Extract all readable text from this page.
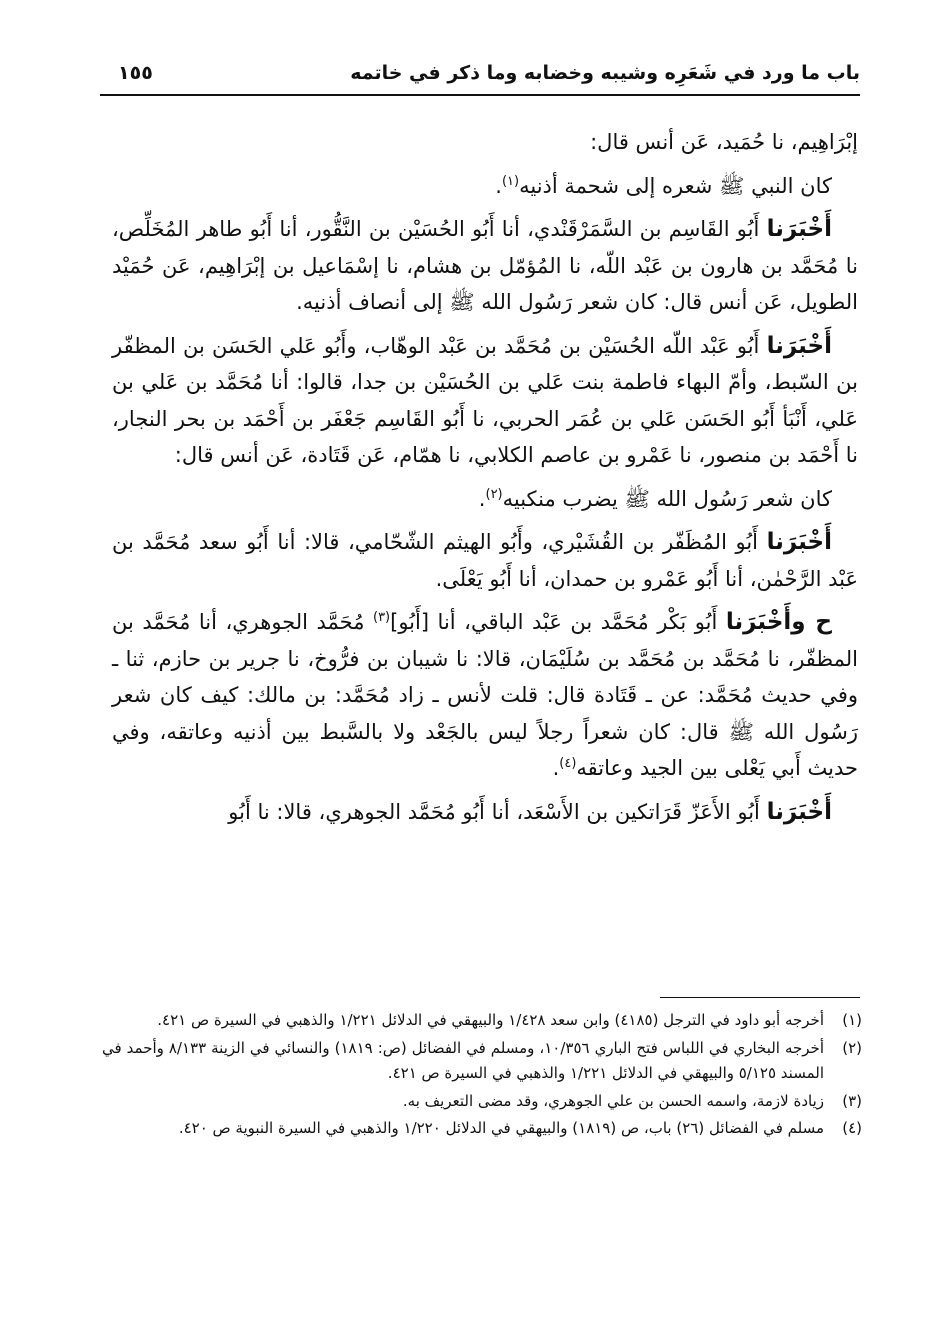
باب ما ورد في شَعَرِه وشيبه وخضابه وما ذكر في خاتمه
١٥٥

إبْرَاهِيم، نا حُمَيد، عَن أنس قال:

كان النبي ﷺ شعره إلى شحمة أذنيه$^{(١)}$.

أَخْبَرَنا أَبُو القَاسِم بن السَّمَرْقَنْدي، أنا أَبُو الحُسَيْن بن النَّقُّور، أنا أَبُو طاهر المُخَلِّص، نا مُحَمَّد بن هارون بن عَبْد اللّه، نا المُؤمّل بن هشام، نا إسْمَاعيل بن إبْرَاهِيم، عَن حُمَيْد الطويل، عَن أنس قال: كان شعر رَسُول الله ﷺ إلى أنصاف أذنيه.

أَخْبَرَنا أَبُو عَبْد اللّه الحُسَيْن بن مُحَمَّد بن عَبْد الوهّاب، وأَبُو عَلي الحَسَن بن المظفّر بن السّبط، وأمّ البهاء فاطمة بنت عَلي بن الحُسَيْن بن جدا، قالوا: أنا مُحَمَّد بن عَلي بن عَلي، أَنْبَأ أَبُو الحَسَن عَلي بن عُمَر الحربي، نا أَبُو القَاسِم جَعْفَر بن أَحْمَد بن بحر النجار، نا أَحْمَد بن منصور، نا عَمْرو بن عاصم الكلابي، نا همّام، عَن قَتَادة، عَن أنس قال:

كان شعر رَسُول الله ﷺ يضرب منكبيه$^{(٢)}$.

أَخْبَرَنا أَبُو المُظَفّر بن القُشَيْري، وأَبُو الهيثم الشّحّامي، قالا: أنا أَبُو سعد مُحَمَّد بن عَبْد الرَّحْمٰن، أنا أَبُو عَمْرو بن حمدان، أنا أَبُو يَعْلَى.

ح وأَخْبَرَنا أَبُو بَكْر مُحَمَّد بن عَبْد الباقي، أنا [أَبُو]$^{(٣)}$ مُحَمَّد الجوهري، أنا مُحَمَّد بن المظفّر، نا مُحَمَّد بن مُحَمَّد بن سُلَيْمَان، قالا: نا شيبان بن فرُّوخ، نا جرير بن حازم، ثنا ـ وفي حديث مُحَمَّد: عن ـ قَتَادة قال: قلت لأنس ـ زاد مُحَمَّد: بن مالك: كيف كان شعر رَسُول الله ﷺ قال: كان شعراً رجلاً ليس بالجَعْد ولا بالسَّبط بين أذنيه وعاتقه، وفي حديث أَبي يَعْلى بين الجيد وعاتقه$^{(٤)}$.

أَخْبَرَنا أَبُو الأَعَزّ قَرَاتكين بن الأَسْعَد، أنا أَبُو مُحَمَّد الجوهري، قالا: نا أَبُو

(١)
أخرجه أبو داود في الترجل (٤١٨٥) وابن سعد ١/٤٢٨ والبيهقي في الدلائل ١/٢٢١ والذهبي في السيرة ص ٤٢١.
(٢)
أخرجه البخاري في اللباس فتح الباري ١٠/٣٥٦، ومسلم في الفضائل (ص: ١٨١٩) والنسائي في الزينة ٨/١٣٣ وأحمد في المسند ٥/١٢٥ والبيهقي في الدلائل ١/٢٢١ والذهبي في السيرة ص ٤٢١.
(٣)
زيادة لازمة، واسمه الحسن بن علي الجوهري، وقد مضى التعريف به.
(٤)
مسلم في الفضائل (٢٦) باب، ص (١٨١٩) والبيهقي في الدلائل ١/٢٢٠ والذهبي في السيرة النبوية ص ٤٢٠.
